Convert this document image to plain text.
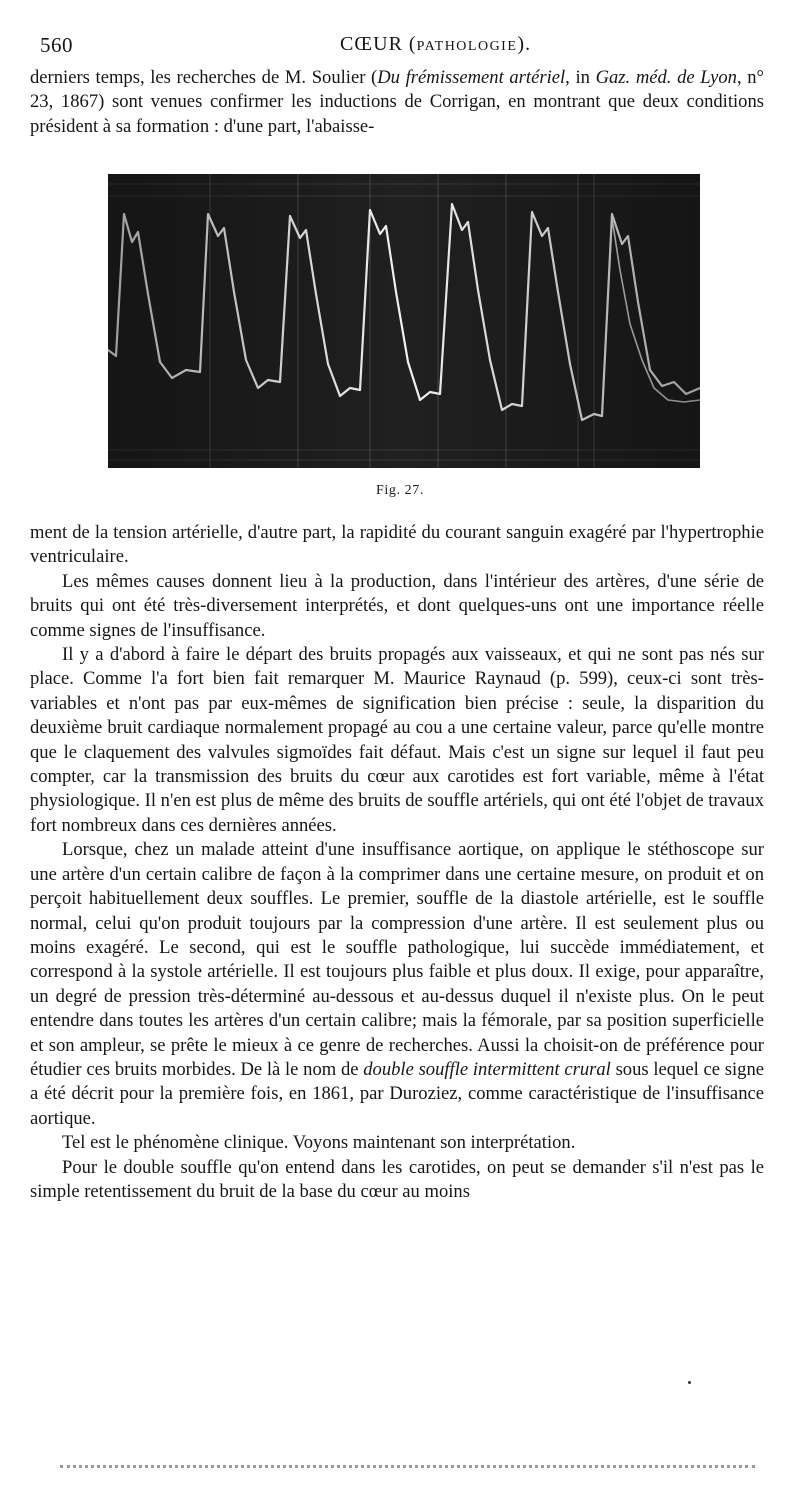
560	CŒUR (PATHOLOGIE).

derniers temps, les recherches de M. Soulier (Du frémissement artériel, in Gaz. méd. de Lyon, n° 23, 1867) sont venues confirmer les inductions de Corrigan, en montrant que deux conditions président à sa formation : d'une part, l'abaisse-

Fig. 27.

ment de la tension artérielle, d'autre part, la rapidité du courant sanguin exagéré par l'hypertrophie ventriculaire.

Les mêmes causes donnent lieu à la production, dans l'intérieur des artères, d'une série de bruits qui ont été très-diversement interprétés, et dont quelques-uns ont une importance réelle comme signes de l'insuffisance.

Il y a d'abord à faire le départ des bruits propagés aux vaisseaux, et qui ne sont pas nés sur place. Comme l'a fort bien fait remarquer M. Maurice Raynaud (p. 599), ceux-ci sont très-variables et n'ont pas par eux-mêmes de signification bien précise : seule, la disparition du deuxième bruit cardiaque normalement propagé au cou a une certaine valeur, parce qu'elle montre que le claquement des valvules sigmoïdes fait défaut. Mais c'est un signe sur lequel il faut peu compter, car la transmission des bruits du cœur aux carotides est fort variable, même à l'état physiologique. Il n'en est plus de même des bruits de souffle artériels, qui ont été l'objet de travaux fort nombreux dans ces dernières années.

Lorsque, chez un malade atteint d'une insuffisance aortique, on applique le stéthoscope sur une artère d'un certain calibre de façon à la comprimer dans une certaine mesure, on produit et on perçoit habituellement deux souffles. Le premier, souffle de la diastole artérielle, est le souffle normal, celui qu'on produit toujours par la compression d'une artère. Il est seulement plus ou moins exagéré. Le second, qui est le souffle pathologique, lui succède immédiatement, et correspond à la systole artérielle. Il est toujours plus faible et plus doux. Il exige, pour apparaître, un degré de pression très-déterminé au-dessous et au-dessus duquel il n'existe plus. On le peut entendre dans toutes les artères d'un certain calibre; mais la fémorale, par sa position superficielle et son ampleur, se prête le mieux à ce genre de recherches. Aussi la choisit-on de préférence pour étudier ces bruits morbides. De là le nom de double souffle intermittent crural sous lequel ce signe a été décrit pour la première fois, en 1861, par Duroziez, comme caractéristique de l'insuffisance aortique.

Tel est le phénomène clinique. Voyons maintenant son interprétation.

Pour le double souffle qu'on entend dans les carotides, on peut se demander s'il n'est pas le simple retentissement du bruit de la base du cœur au moins
